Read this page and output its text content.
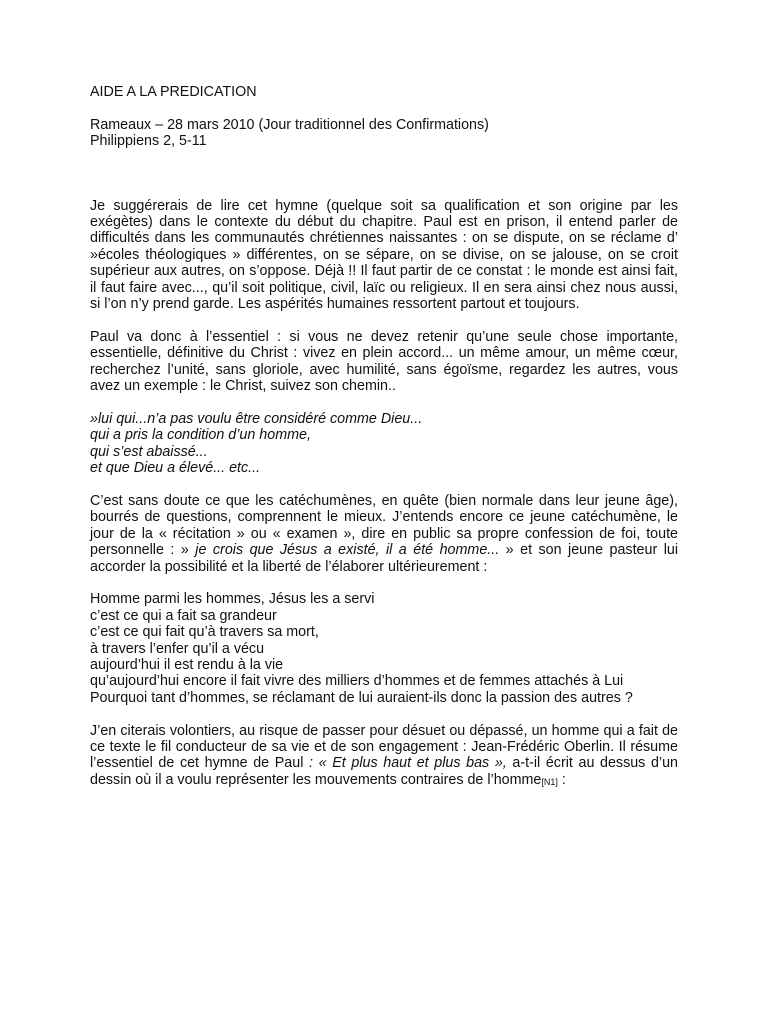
AIDE A LA PREDICATION
Rameaux – 28 mars 2010 (Jour traditionnel des Confirmations)
Philippiens 2, 5-11

Je suggérerais de lire cet hymne (quelque soit sa qualification et son origine par les exégètes) dans le contexte du début du chapitre. Paul est en prison, il entend parler de difficultés dans les communautés chrétiennes naissantes : on se dispute, on se réclame d’ »écoles théologiques » différentes, on se sépare, on se divise, on se jalouse, on se croit supérieur aux autres, on s’oppose. Déjà !! Il faut partir de ce constat : le monde est ainsi fait, il faut faire avec..., qu’il soit politique, civil, laïc ou religieux. Il en sera ainsi chez nous aussi, si l’on n’y prend garde. Les aspérités humaines ressortent partout et toujours.

Paul va donc à l’essentiel : si vous ne devez retenir qu’une seule chose importante, essentielle, définitive du Christ : vivez en plein accord... un même amour, un même cœur, recherchez l’unité, sans gloriole, avec humilité, sans égoïsme, regardez les autres, vous avez un exemple : le Christ, suivez son chemin..

»lui qui...n’a pas voulu être considéré comme Dieu...
qui a pris la condition d’un homme,
qui s’est abaissé...
et que Dieu a élevé... etc...

C’est sans doute ce que les catéchumènes, en quête (bien normale dans leur jeune âge), bourrés de questions, comprennent le mieux. J’entends encore ce jeune catéchumène, le jour de la « récitation » ou « examen », dire en public sa propre confession de foi, toute personnelle : » je crois que Jésus a existé, il a été homme... » et son jeune pasteur lui accorder la possibilité et la liberté de l’élaborer ultérieurement :

Homme parmi les hommes, Jésus les a servi
c’est ce qui a fait sa grandeur
c’est ce qui fait qu’à travers sa mort,
à travers l’enfer qu’il a vécu
aujourd’hui il est rendu à la vie
qu’aujourd’hui encore il fait vivre des milliers d’hommes et de femmes attachés à Lui

Pourquoi tant d’hommes, se réclamant de lui auraient-ils donc la passion des autres ?

J’en citerais volontiers, au risque de passer pour désuet ou dépassé, un homme qui a fait de ce texte le fil conducteur de sa vie et de son engagement : Jean-Frédéric Oberlin. Il résume l’essentiel de cet hymne de Paul : « Et plus haut et plus bas », a-t-il écrit au dessus d’un dessin où il a voulu représenter les mouvements contraires de l’homme[N1] :
